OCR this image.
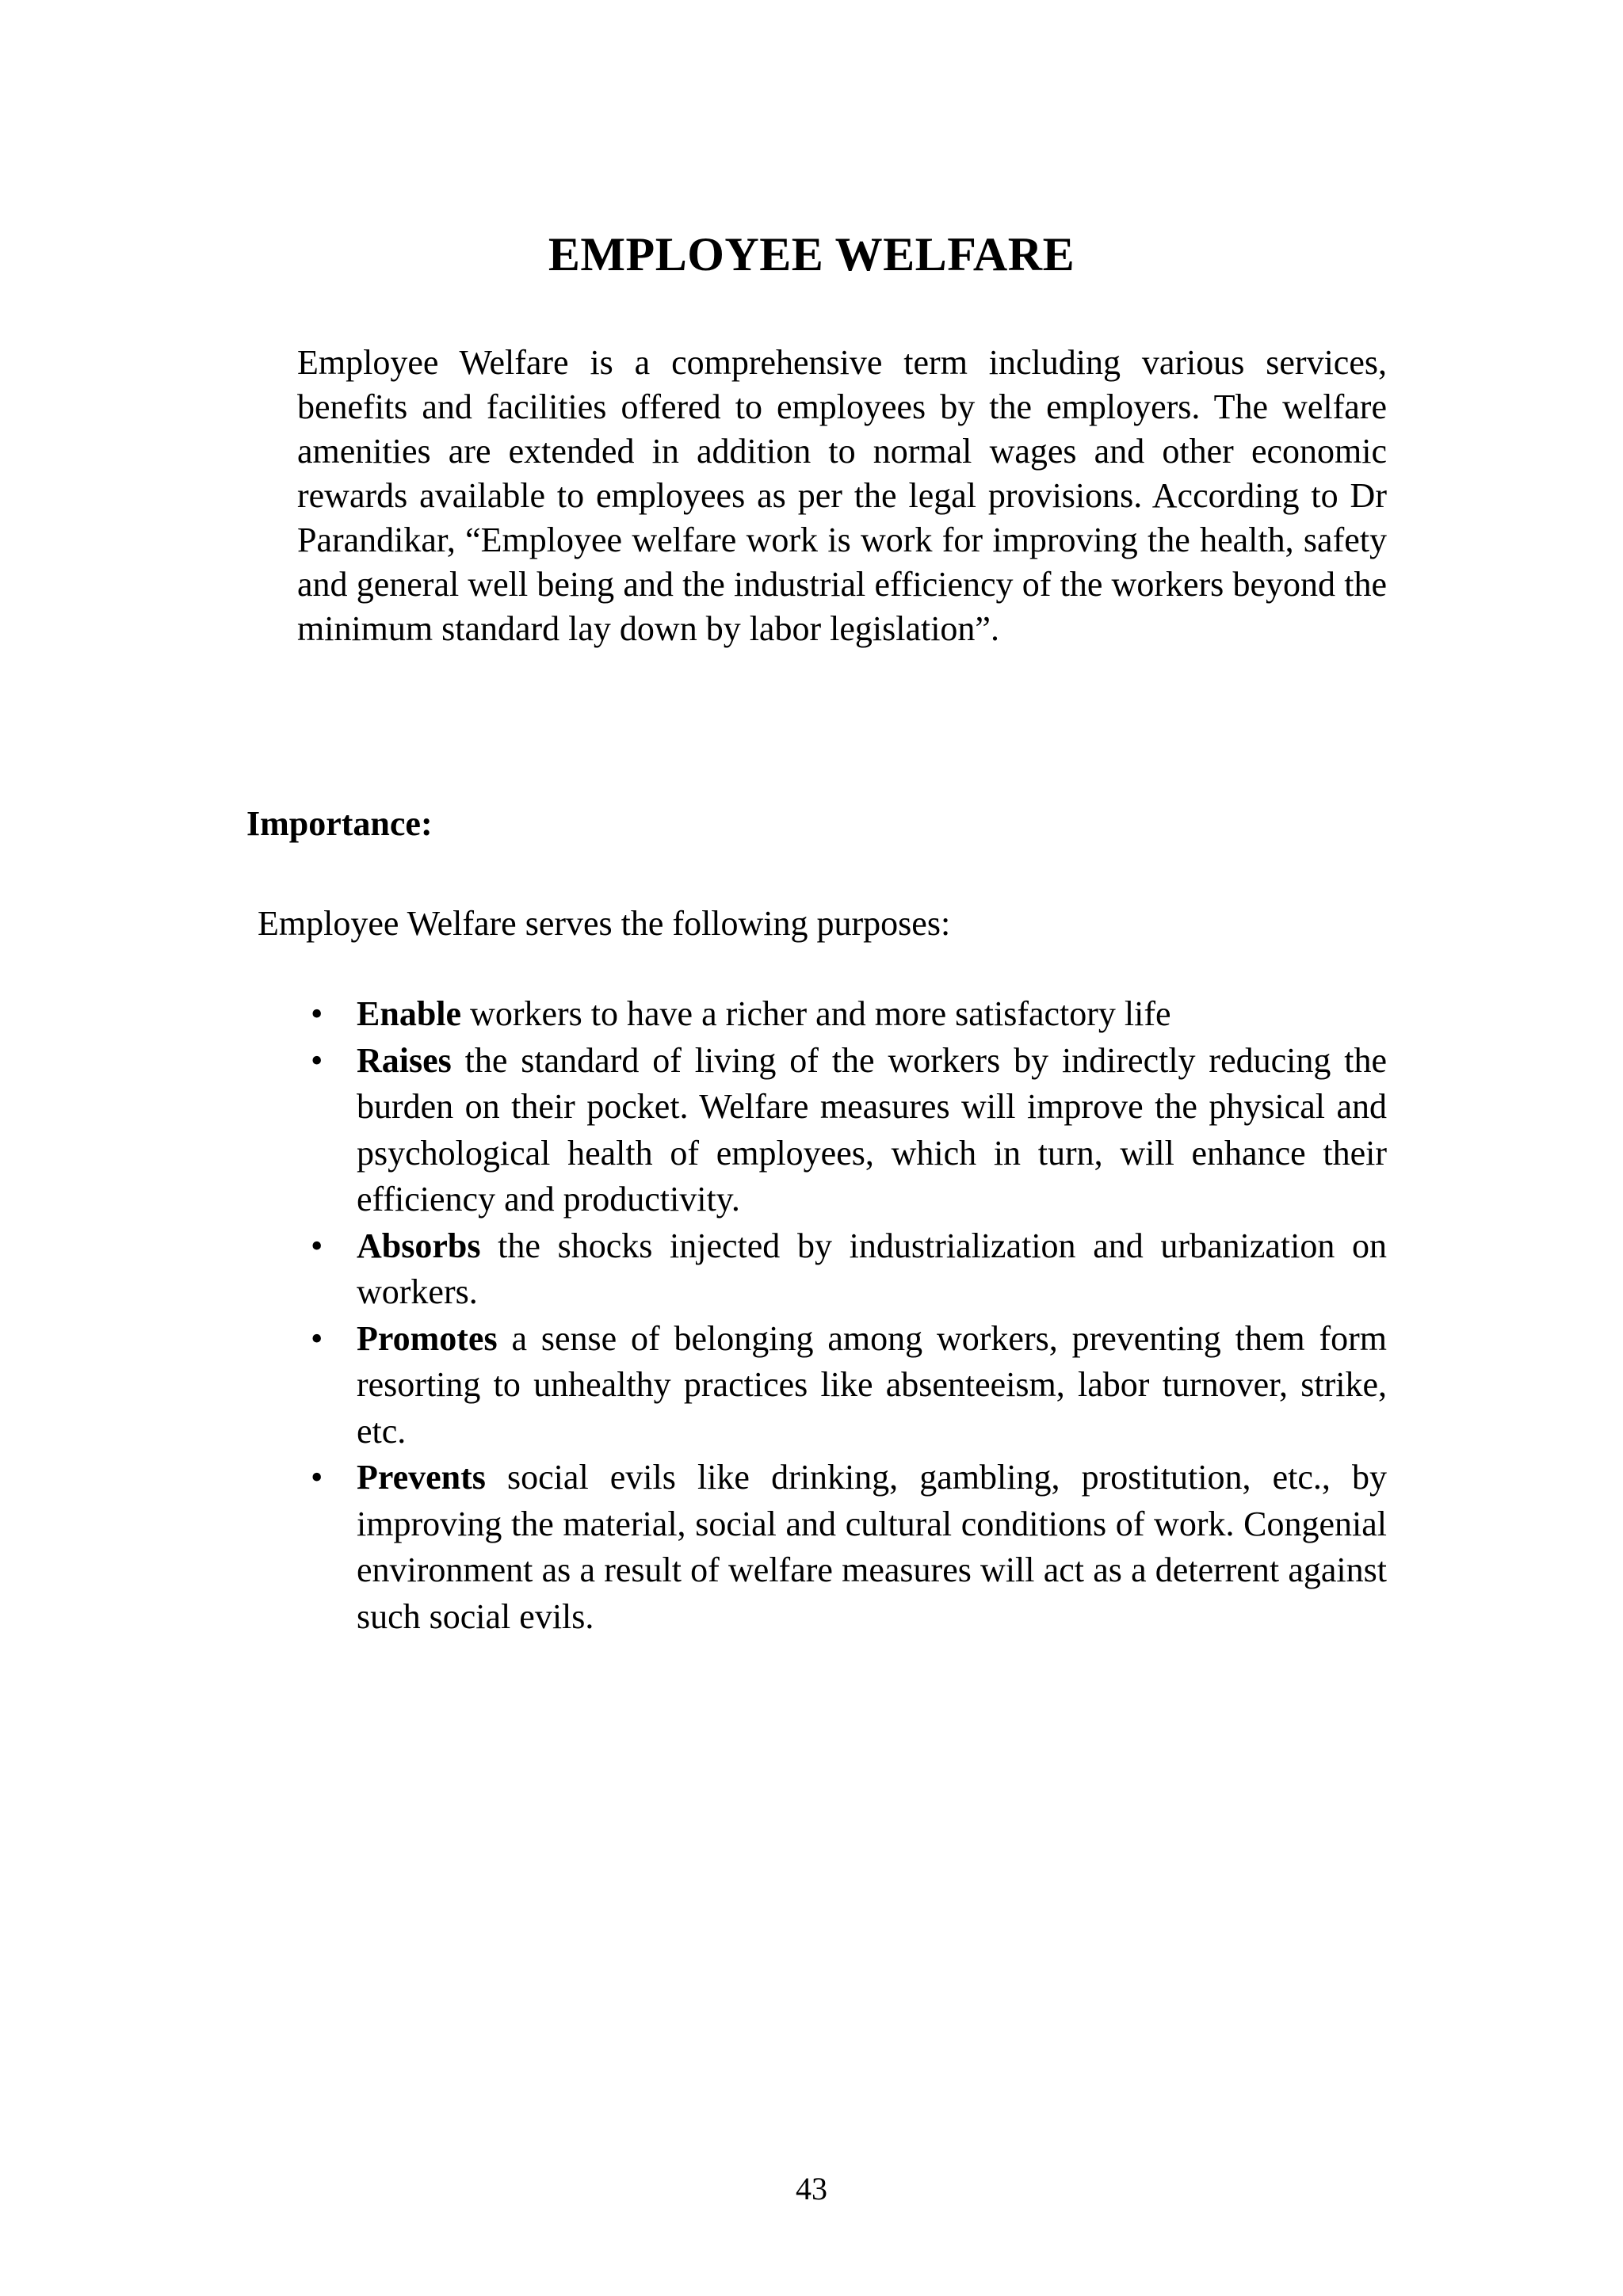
EMPLOYEE WELFARE

Employee Welfare is a comprehensive term including various services, benefits and facilities offered to employees by the employers. The welfare amenities are extended in addition to normal wages and other economic rewards available to employees as per the legal provisions. According to Dr Parandikar, “Employee welfare work is work for improving the health, safety and general well being and the industrial efficiency of the workers beyond the minimum standard lay down by labor legislation”.

Importance:

Employee Welfare serves the following purposes:

• Enable workers to have a richer and more satisfactory life
• Raises the standard of living of the workers by indirectly reducing the burden on their pocket. Welfare measures will improve the physical and psychological health of employees, which in turn, will enhance their efficiency and productivity.
• Absorbs the shocks injected by industrialization and urbanization on workers.
• Promotes a sense of belonging among workers, preventing them form resorting to unhealthy practices like absenteeism, labor turnover, strike, etc.
• Prevents social evils like drinking, gambling, prostitution, etc., by improving the material, social and cultural conditions of work. Congenial environment as a result of welfare measures will act as a deterrent against such social evils.
43
